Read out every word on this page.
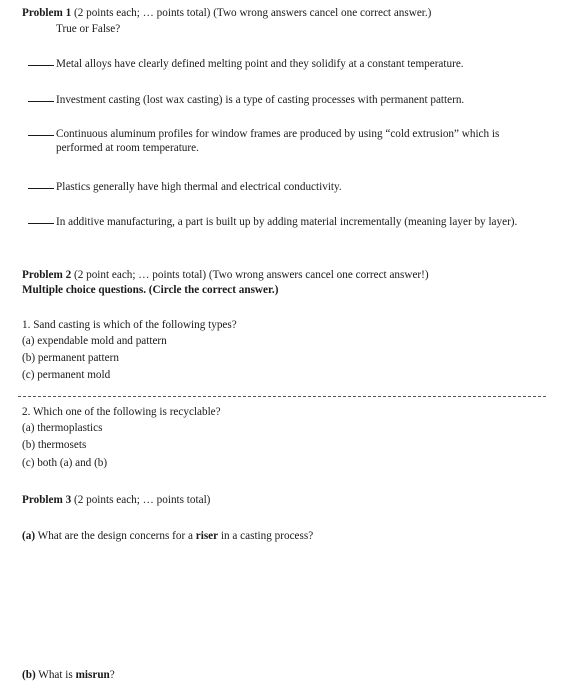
Problem 1 (2 points each; … points total) (Two wrong answers cancel one correct answer.)
True or False?
Metal alloys have clearly defined melting point and they solidify at a constant temperature.
Investment casting (lost wax casting) is a type of casting processes with permanent pattern.
Continuous aluminum profiles for window frames are produced by using “cold extrusion” which is performed at room temperature.
Plastics generally have high thermal and electrical conductivity.
In additive manufacturing, a part is built up by adding material incrementally (meaning layer by layer).
Problem 2 (2 point each; … points total) (Two wrong answers cancel one correct answer!)
Multiple choice questions. (Circle the correct answer.)
1. Sand casting is which of the following types?
(a) expendable mold and pattern
(b) permanent pattern
(c) permanent mold
2. Which one of the following is recyclable?
(a) thermoplastics
(b) thermosets
(c) both (a) and (b)
Problem 3 (2 points each; … points total)
(a) What are the design concerns for a riser in a casting process?
(b) What is misrun?
